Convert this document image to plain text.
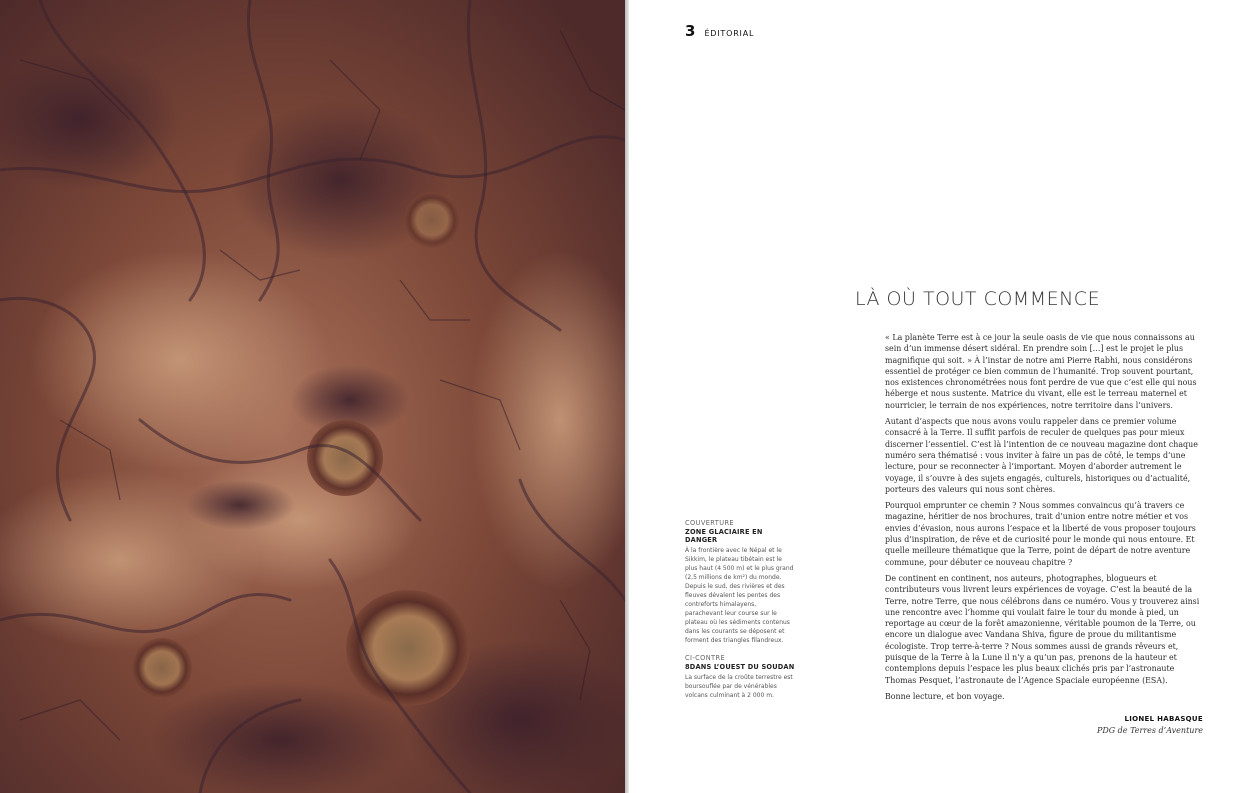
3 ÉDITORIAL
LÀ OÙ TOUT COMMENCE

« La planète Terre est à ce jour la seule oasis de vie que nous connaissons au sein d’un immense désert sidéral. En prendre soin […] est le projet le plus magnifique qui soit. » À l’instar de notre ami Pierre Rabhi, nous considérons essentiel de protéger ce bien commun de l’humanité. Trop souvent pourtant, nos existences chronométrées nous font perdre de vue que c’est elle qui nous héberge et nous sustente. Matrice du vivant, elle est le terreau maternel et nourricier, le terrain de nos expériences, notre territoire dans l’univers.

Autant d’aspects que nous avons voulu rappeler dans ce premier volume consacré à la Terre. Il suffit parfois de reculer de quelques pas pour mieux discerner l’essentiel. C’est là l’intention de ce nouveau magazine dont chaque numéro sera thématisé : vous inviter à faire un pas de côté, le temps d’une lecture, pour se reconnecter à l’important. Moyen d’aborder autrement le voyage, il s’ouvre à des sujets engagés, culturels, historiques ou d’actualité, porteurs des valeurs qui nous sont chères.

Pourquoi emprunter ce chemin ? Nous sommes convaincus qu’à travers ce magazine, héritier de nos brochures, trait d’union entre notre métier et vos envies d’évasion, nous aurons l’espace et la liberté de vous proposer toujours plus d’inspiration, de rêve et de curiosité pour le monde qui nous entoure. Et quelle meilleure thématique que la Terre, point de départ de notre aventure commune, pour débuter ce nouveau chapitre ?

De continent en continent, nos auteurs, photographes, blogueurs et contributeurs vous livrent leurs expériences de voyage. C’est la beauté de la Terre, notre Terre, que nous célébrons dans ce numéro. Vous y trouverez ainsi une rencontre avec l’homme qui voulait faire le tour du monde à pied, un reportage au cœur de la forêt amazonienne, véritable poumon de la Terre, ou encore un dialogue avec Vandana Shiva, figure de proue du militantisme écologiste. Trop terre-à-terre ? Nous sommes aussi de grands rêveurs et, puisque de la Terre à la Lune il n’y a qu’un pas, prenons de la hauteur et contemplons depuis l’espace les plus beaux clichés pris par l’astronaute Thomas Pesquet, l’astronaute de l’Agence Spaciale européenne (ESA).

Bonne lecture, et bon voyage.

LIONEL HABASQUE
PDG de Terres d’Aventure
COUVERTURE
ZONE GLACIAIRE EN DANGER
À la frontière avec le Népal et le Sikkim, le plateau tibétain est le plus haut (4 500 m) et le plus grand (2,5 millions de km²) du monde. Depuis le sud, des rivières et des fleuves dévalent les pentes des contreforts himalayens, parachevant leur course sur le plateau où les sédiments contenus dans les courants se déposent et forment des triangles filandreux.
CI-CONTRE
8DANS L’OUEST DU SOUDAN
La surface de la croûte terrestre est boursouflée par de vénérables volcans culminant à 2 000 m.
